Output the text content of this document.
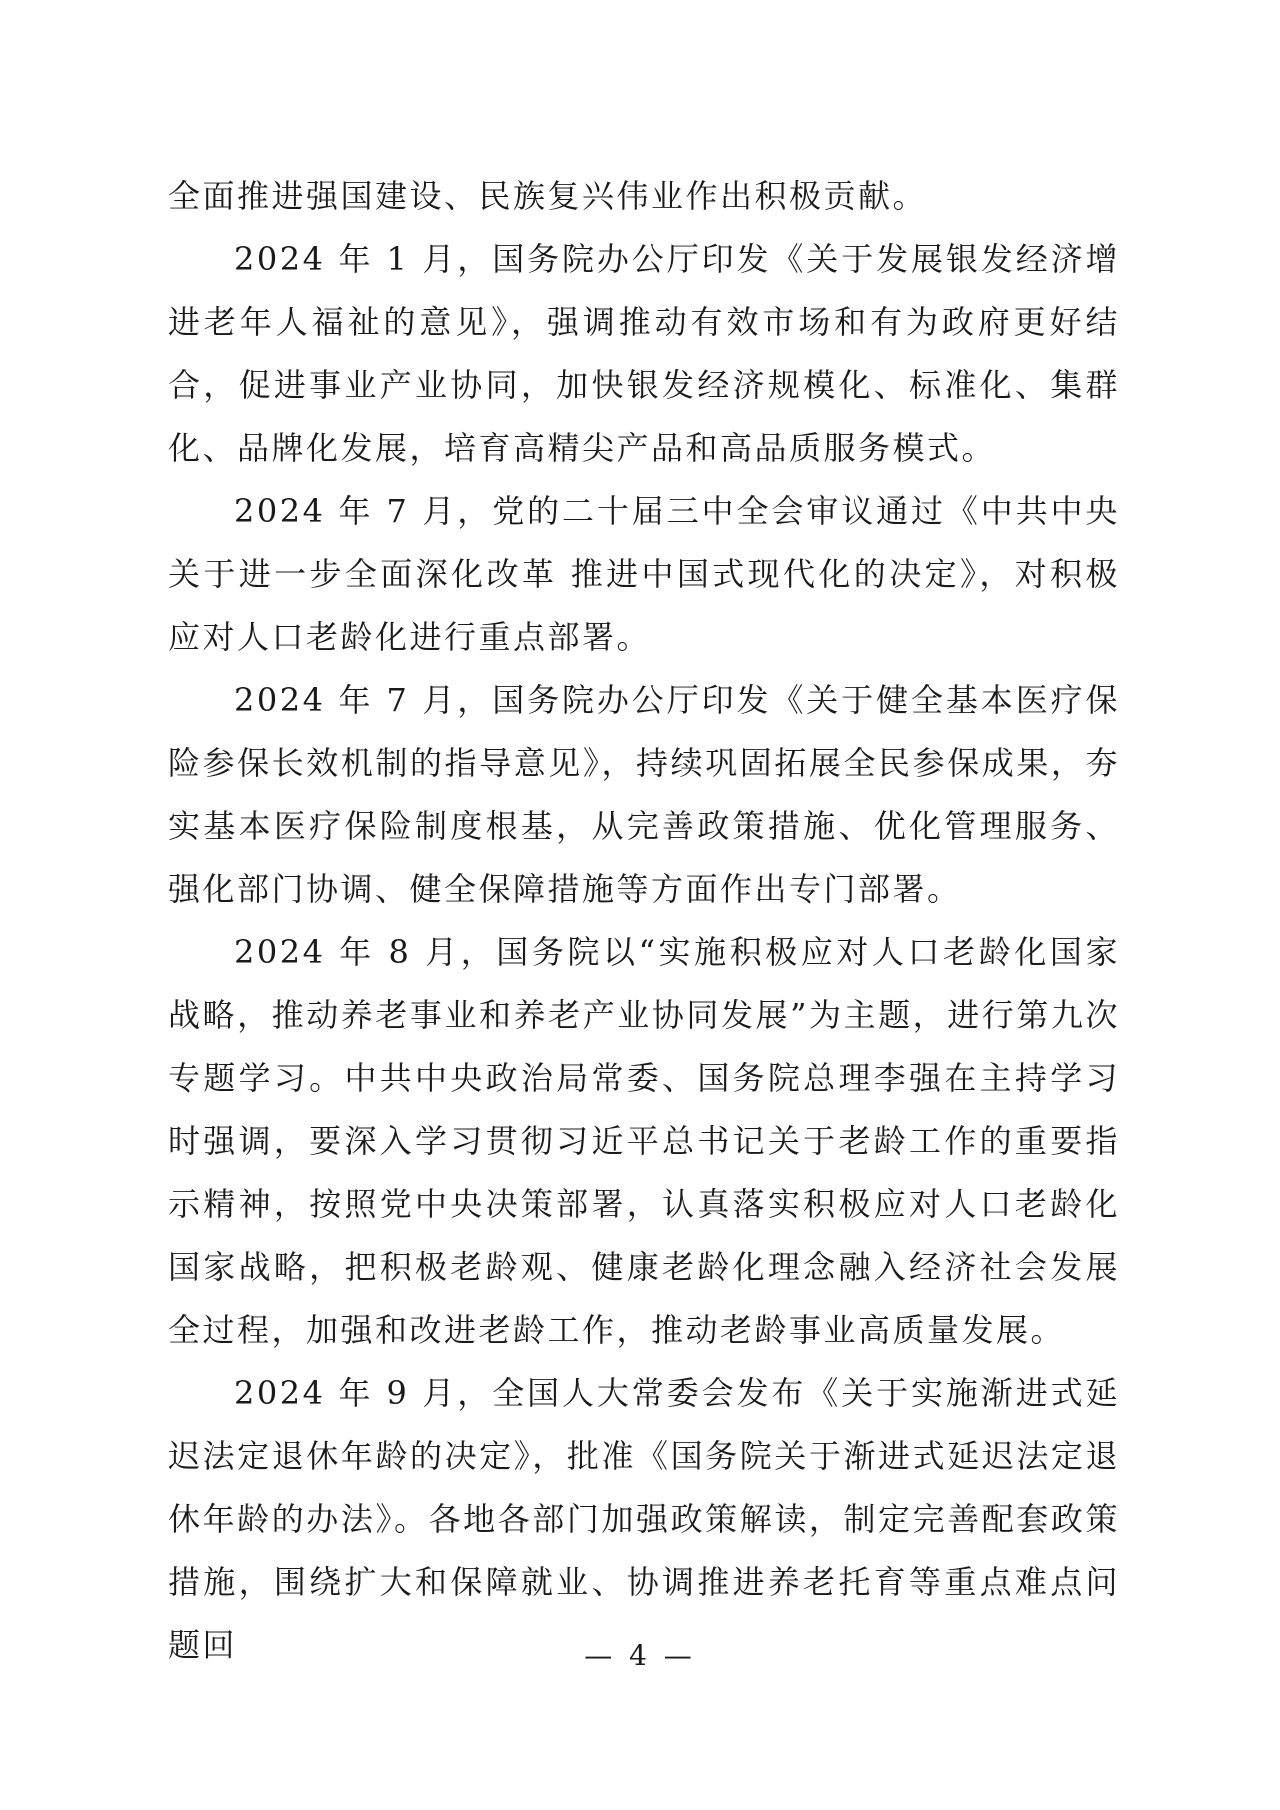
全面推进强国建设、民族复兴伟业作出积极贡献。

2024 年 1 月，国务院办公厅印发《关于发展银发经济增进老年人福祉的意见》，强调推动有效市场和有为政府更好结合，促进事业产业协同，加快银发经济规模化、标准化、集群化、品牌化发展，培育高精尖产品和高品质服务模式。

2024 年 7 月，党的二十届三中全会审议通过《中共中央关于进一步全面深化改革 推进中国式现代化的决定》，对积极应对人口老龄化进行重点部署。

2024 年 7 月，国务院办公厅印发《关于健全基本医疗保险参保长效机制的指导意见》，持续巩固拓展全民参保成果，夯实基本医疗保险制度根基，从完善政策措施、优化管理服务、强化部门协调、健全保障措施等方面作出专门部署。

2024 年 8 月，国务院以“实施积极应对人口老龄化国家战略，推动养老事业和养老产业协同发展”为主题，进行第九次专题学习。中共中央政治局常委、国务院总理李强在主持学习时强调，要深入学习贯彻习近平总书记关于老龄工作的重要指示精神，按照党中央决策部署，认真落实积极应对人口老龄化国家战略，把积极老龄观、健康老龄化理念融入经济社会发展全过程，加强和改进老龄工作，推动老龄事业高质量发展。

2024 年 9 月，全国人大常委会发布《关于实施渐进式延迟法定退休年龄的决定》，批准《国务院关于渐进式延迟法定退休年龄的办法》。各地各部门加强政策解读，制定完善配套政策措施，围绕扩大和保障就业、协调推进养老托育等重点难点问题回	— 4 —
